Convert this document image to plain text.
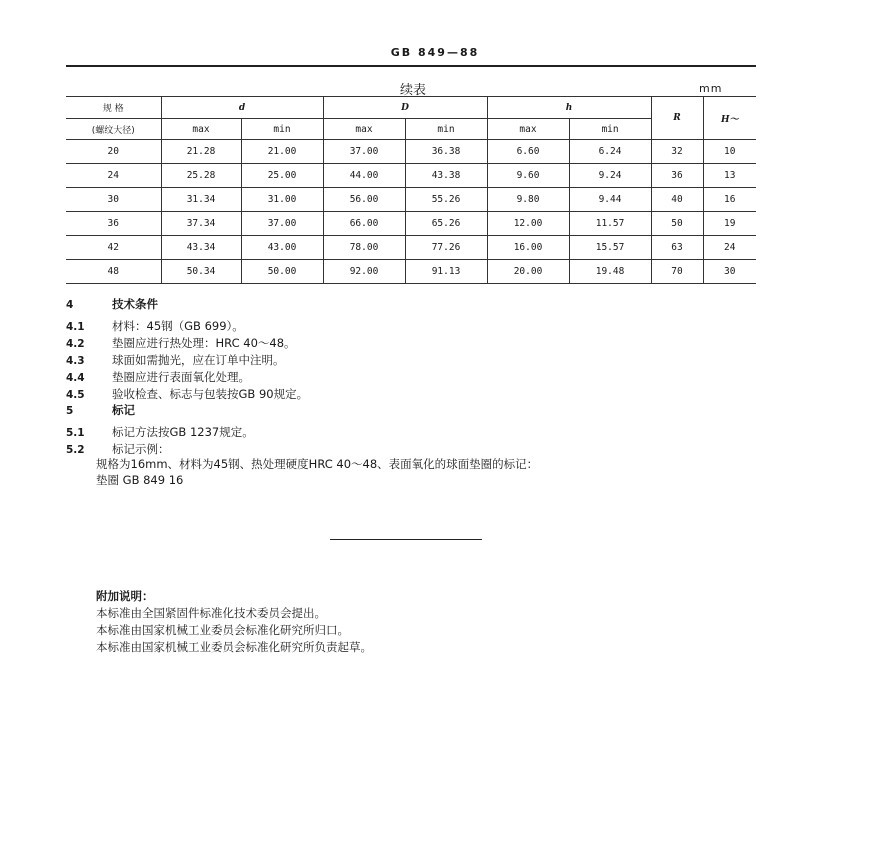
GB 849—88
续表	mm
规 格	d		D		h		R	H～
(螺纹大径)	max	min	max	min	max	min		
20	21.28	21.00	37.00	36.38	6.60	6.24	32	10
24	25.28	25.00	44.00	43.38	9.60	9.24	36	13
30	31.34	31.00	56.00	55.26	9.80	9.44	40	16
36	37.34	37.00	66.00	65.26	12.00	11.57	50	19
42	43.34	43.00	78.00	77.26	16.00	15.57	63	24
48	50.34	50.00	92.00	91.13	20.00	19.48	70	30
4	技术条件
4.1 材料：45钢（GB 699）。
4.2 垫圈应进行热处理：HRC 40～48。
4.3 球面如需抛光，应在订单中注明。
4.4 垫圈应进行表面氧化处理。
4.5 验收检查、标志与包装按GB 90规定。
5	标记
5.1 标记方法按GB 1237规定。
5.2 标记示例：
规格为16mm、材料为45钢、热处理硬度HRC 40～48、表面氧化的球面垫圈的标记：
垫圈 GB 849 16
附加说明：
本标准由全国紧固件标准化技术委员会提出。
本标准由国家机械工业委员会标准化研究所归口。
本标准由国家机械工业委员会标准化研究所负责起草。
